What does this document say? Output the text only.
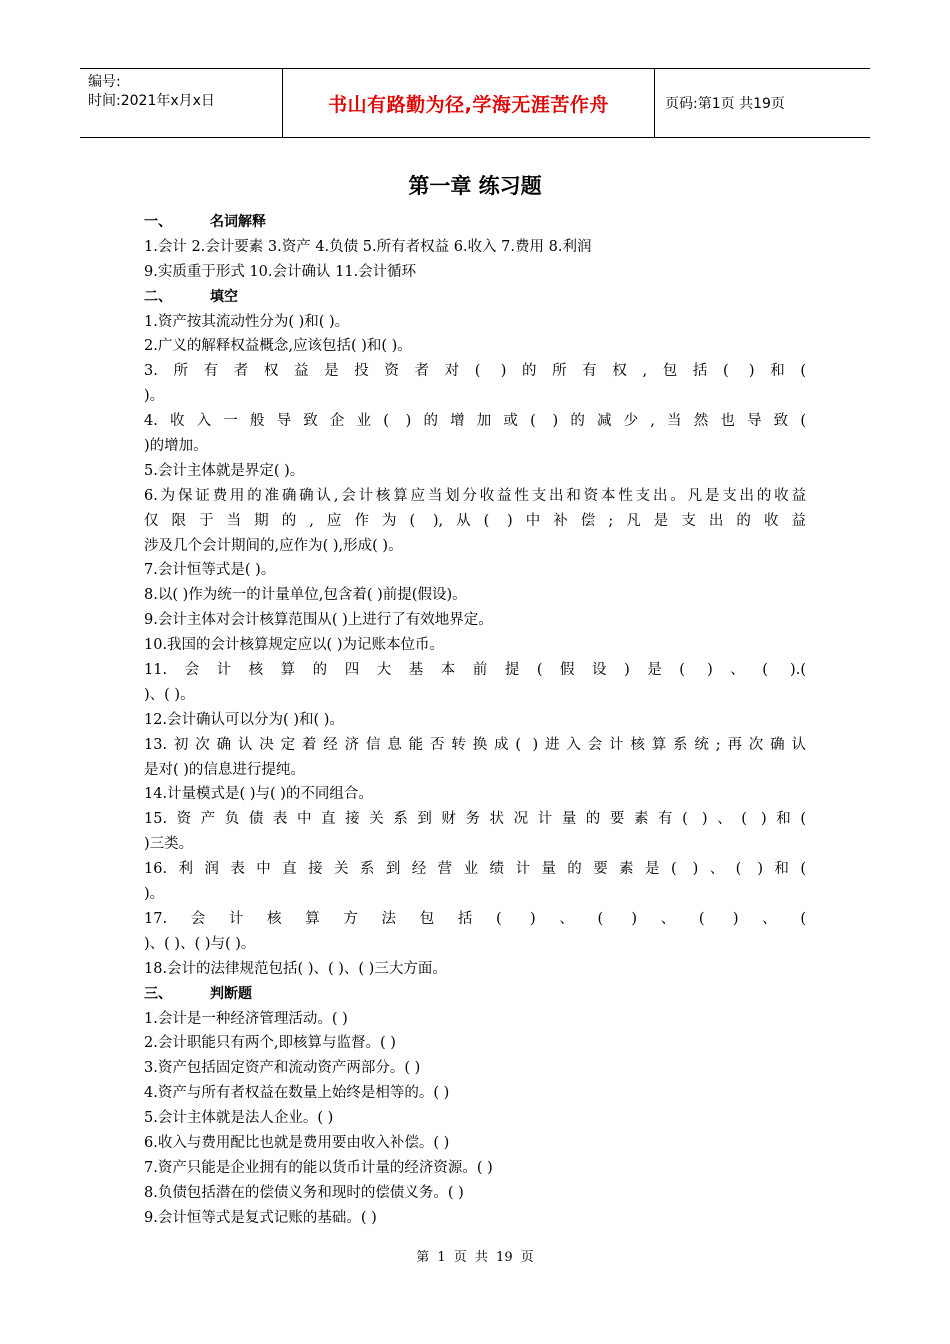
编号:
时间:2021年x月x日	书山有路勤为径,学海无涯苦作舟	页码:第1页 共19页
第一章 练习题
一、	名词解释
1.会计 2.会计要素 3.资产 4.负债 5.所有者权益 6.收入 7.费用 8.利润
9.实质重于形式 10.会计确认 11.会计循环
二、	填空
1.资产按其流动性分为( )和( )。
2.广义的解释权益概念,应该包括( )和( )。
3.所有者权益是投资者对( )的所有权,包括( )和(
)。
4.收入一般导致企业( )的增加或( )的减少,当然也导致(
)的增加。
5.会计主体就是界定( )。
6.为保证费用的准确确认,会计核算应当划分收益性支出和资本性支出。凡是支出的收益
仅限于当期的,应作为( ),从( )中补偿;凡是支出的收益
涉及几个会计期间的,应作为( ),形成( )。
7.会计恒等式是( )。
8.以( )作为统一的计量单位,包含着( )前提(假设)。
9.会计主体对会计核算范围从( )上进行了有效地界定。
10.我国的会计核算规定应以( )为记账本位币。
11.会计核算的四大基本前提(假设)是( )、( ).(
)、( )。
12.会计确认可以分为( )和( )。
13.初次确认决定着经济信息能否转换成( )进入会计核算系统;再次确认
是对( )的信息进行提纯。
14.计量模式是( )与( )的不同组合。
15.资产负债表中直接关系到财务状况计量的要素有( )、( )和(
)三类。
16.利润表中直接关系到经营业绩计量的要素是( )、( )和(
)。
17.会计核算方法包括( )、( )、( )、(
)、( )、( )与( )。
18.会计的法律规范包括( )、( )、( )三大方面。
三、	判断题
1.会计是一种经济管理活动。( )
2.会计职能只有两个,即核算与监督。( )
3.资产包括固定资产和流动资产两部分。( )
4.资产与所有者权益在数量上始终是相等的。( )
5.会计主体就是法人企业。( )
6.收入与费用配比也就是费用要由收入补偿。( )
7.资产只能是企业拥有的能以货币计量的经济资源。( )
8.负债包括潜在的偿债义务和现时的偿债义务。( )
9.会计恒等式是复式记账的基础。( )
第 1 页 共 19 页
